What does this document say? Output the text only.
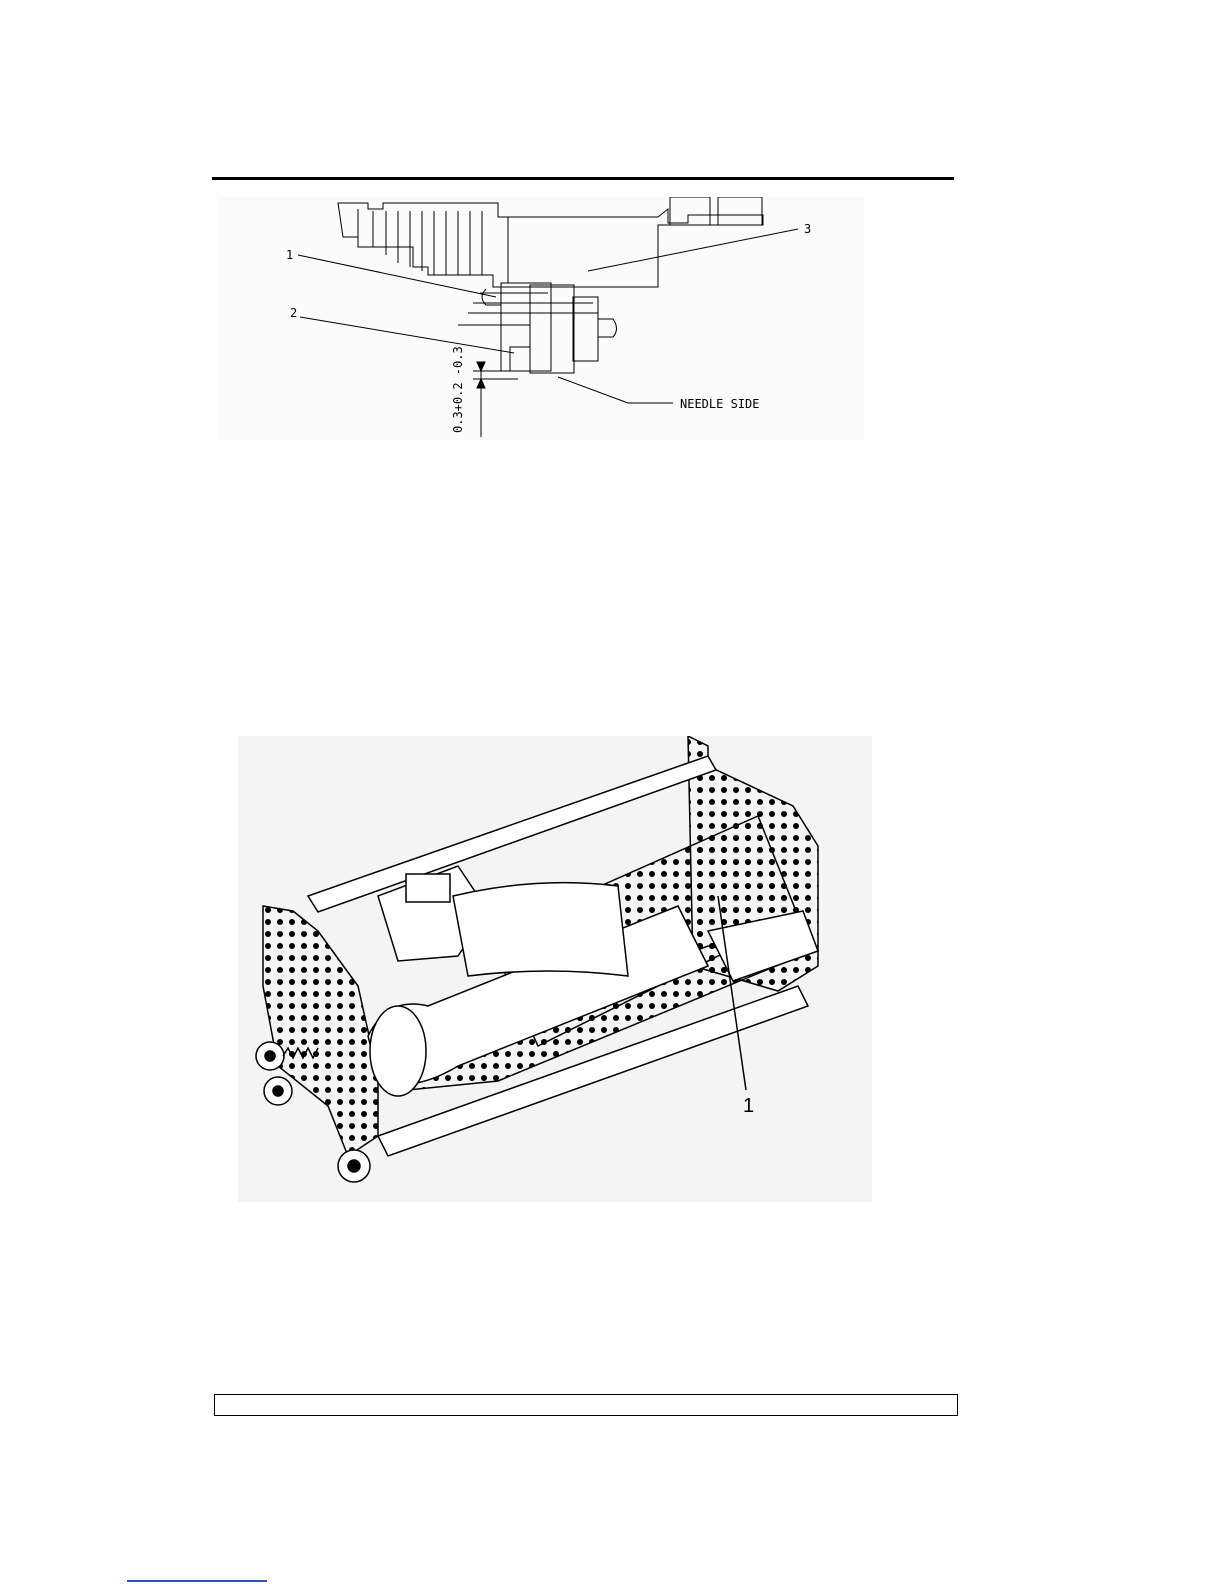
1
2
3
NEEDLE SIDE
0.3+0.2 -0.3
1
